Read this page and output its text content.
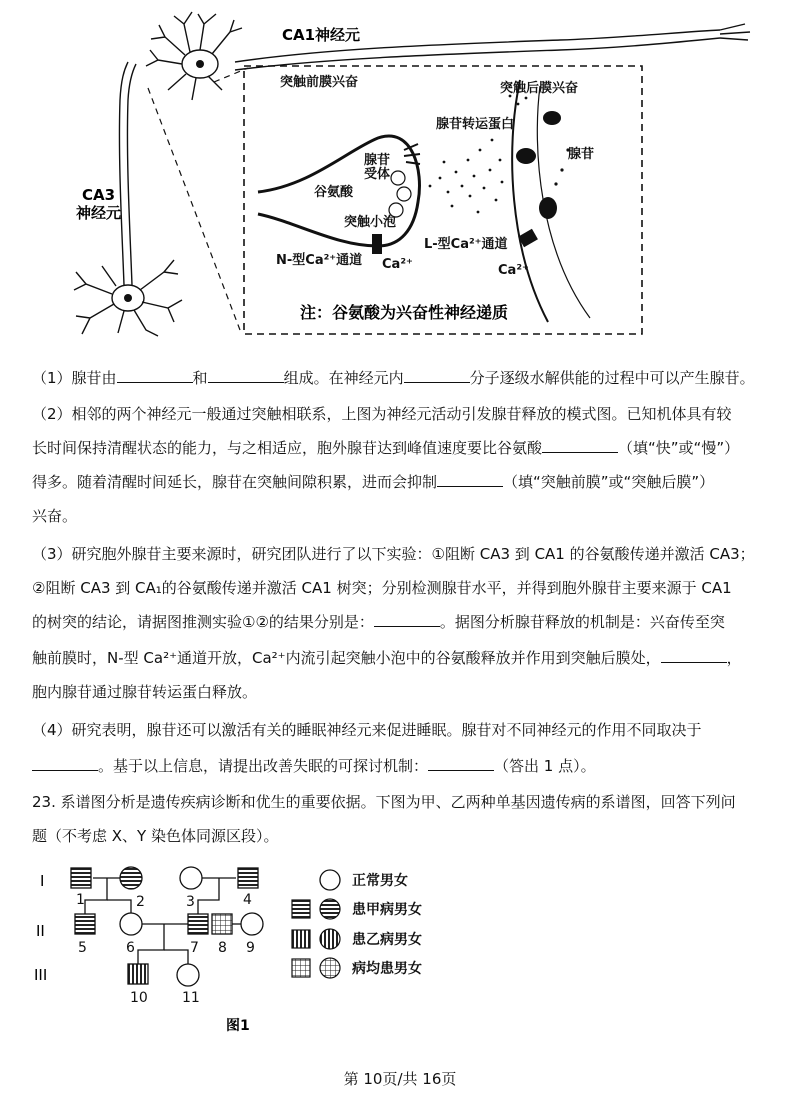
CA1神经元
CA3
神经元
突触前膜兴奋	突触后膜兴奋
腺苷转运蛋白
腺苷
受体
谷氨酸
突触小泡
N-型Ca²⁺通道 Ca²⁺
L-型Ca²⁺通道
Ca²⁺
腺苷
注：谷氨酸为兴奋性神经递质
（1）腺苷由	和	组成。在神经元内	分子逐级水解供能的过程中可以产生腺苷。
（2）相邻的两个神经元一般通过突触相联系，上图为神经元活动引发腺苷释放的模式图。已知机体具有较
长时间保持清醒状态的能力，与之相适应，胞外腺苷达到峰值速度要比谷氨酸	（填“快”或“慢”）
得多。随着清醒时间延长，腺苷在突触间隙积累，进而会抑制	（填“突触前膜”或“突触后膜”）
兴奋。
（3）研究胞外腺苷主要来源时，研究团队进行了以下实验：①阻断 CA3 到 CA1 的谷氨酸传递并激活 CA3；
②阻断 CA3 到 CA₁的谷氨酸传递并激活 CA1 树突；分别检测腺苷水平，并得到胞外腺苷主要来源于 CA1
的树突的结论，请据图推测实验①②的结果分别是：	。据图分析腺苷释放的机制是：兴奋传至突
触前膜时，N-型 Ca²⁺通道开放，Ca²⁺内流引起突触小泡中的谷氨酸释放并作用到突触后膜处，	，
胞内腺苷通过腺苷转运蛋白释放。
（4）研究表明，腺苷还可以激活有关的睡眠神经元来促进睡眠。腺苷对不同神经元的作用不同取决于
。基于以上信息，请提出改善失眠的可探讨机制：	（答出 1 点）。
23. 系谱图分析是遗传疾病诊断和优生的重要依据。下图为甲、乙两种单基因遗传病的系谱图，回答下列问
题（不考虑 X、Y 染色体同源区段）。
I
II
III
1	2	3	4
5	6	7 8 9
10 11
正常男女
患甲病男女
患乙病男女
病均患男女
图1
第 10页/共 16页
